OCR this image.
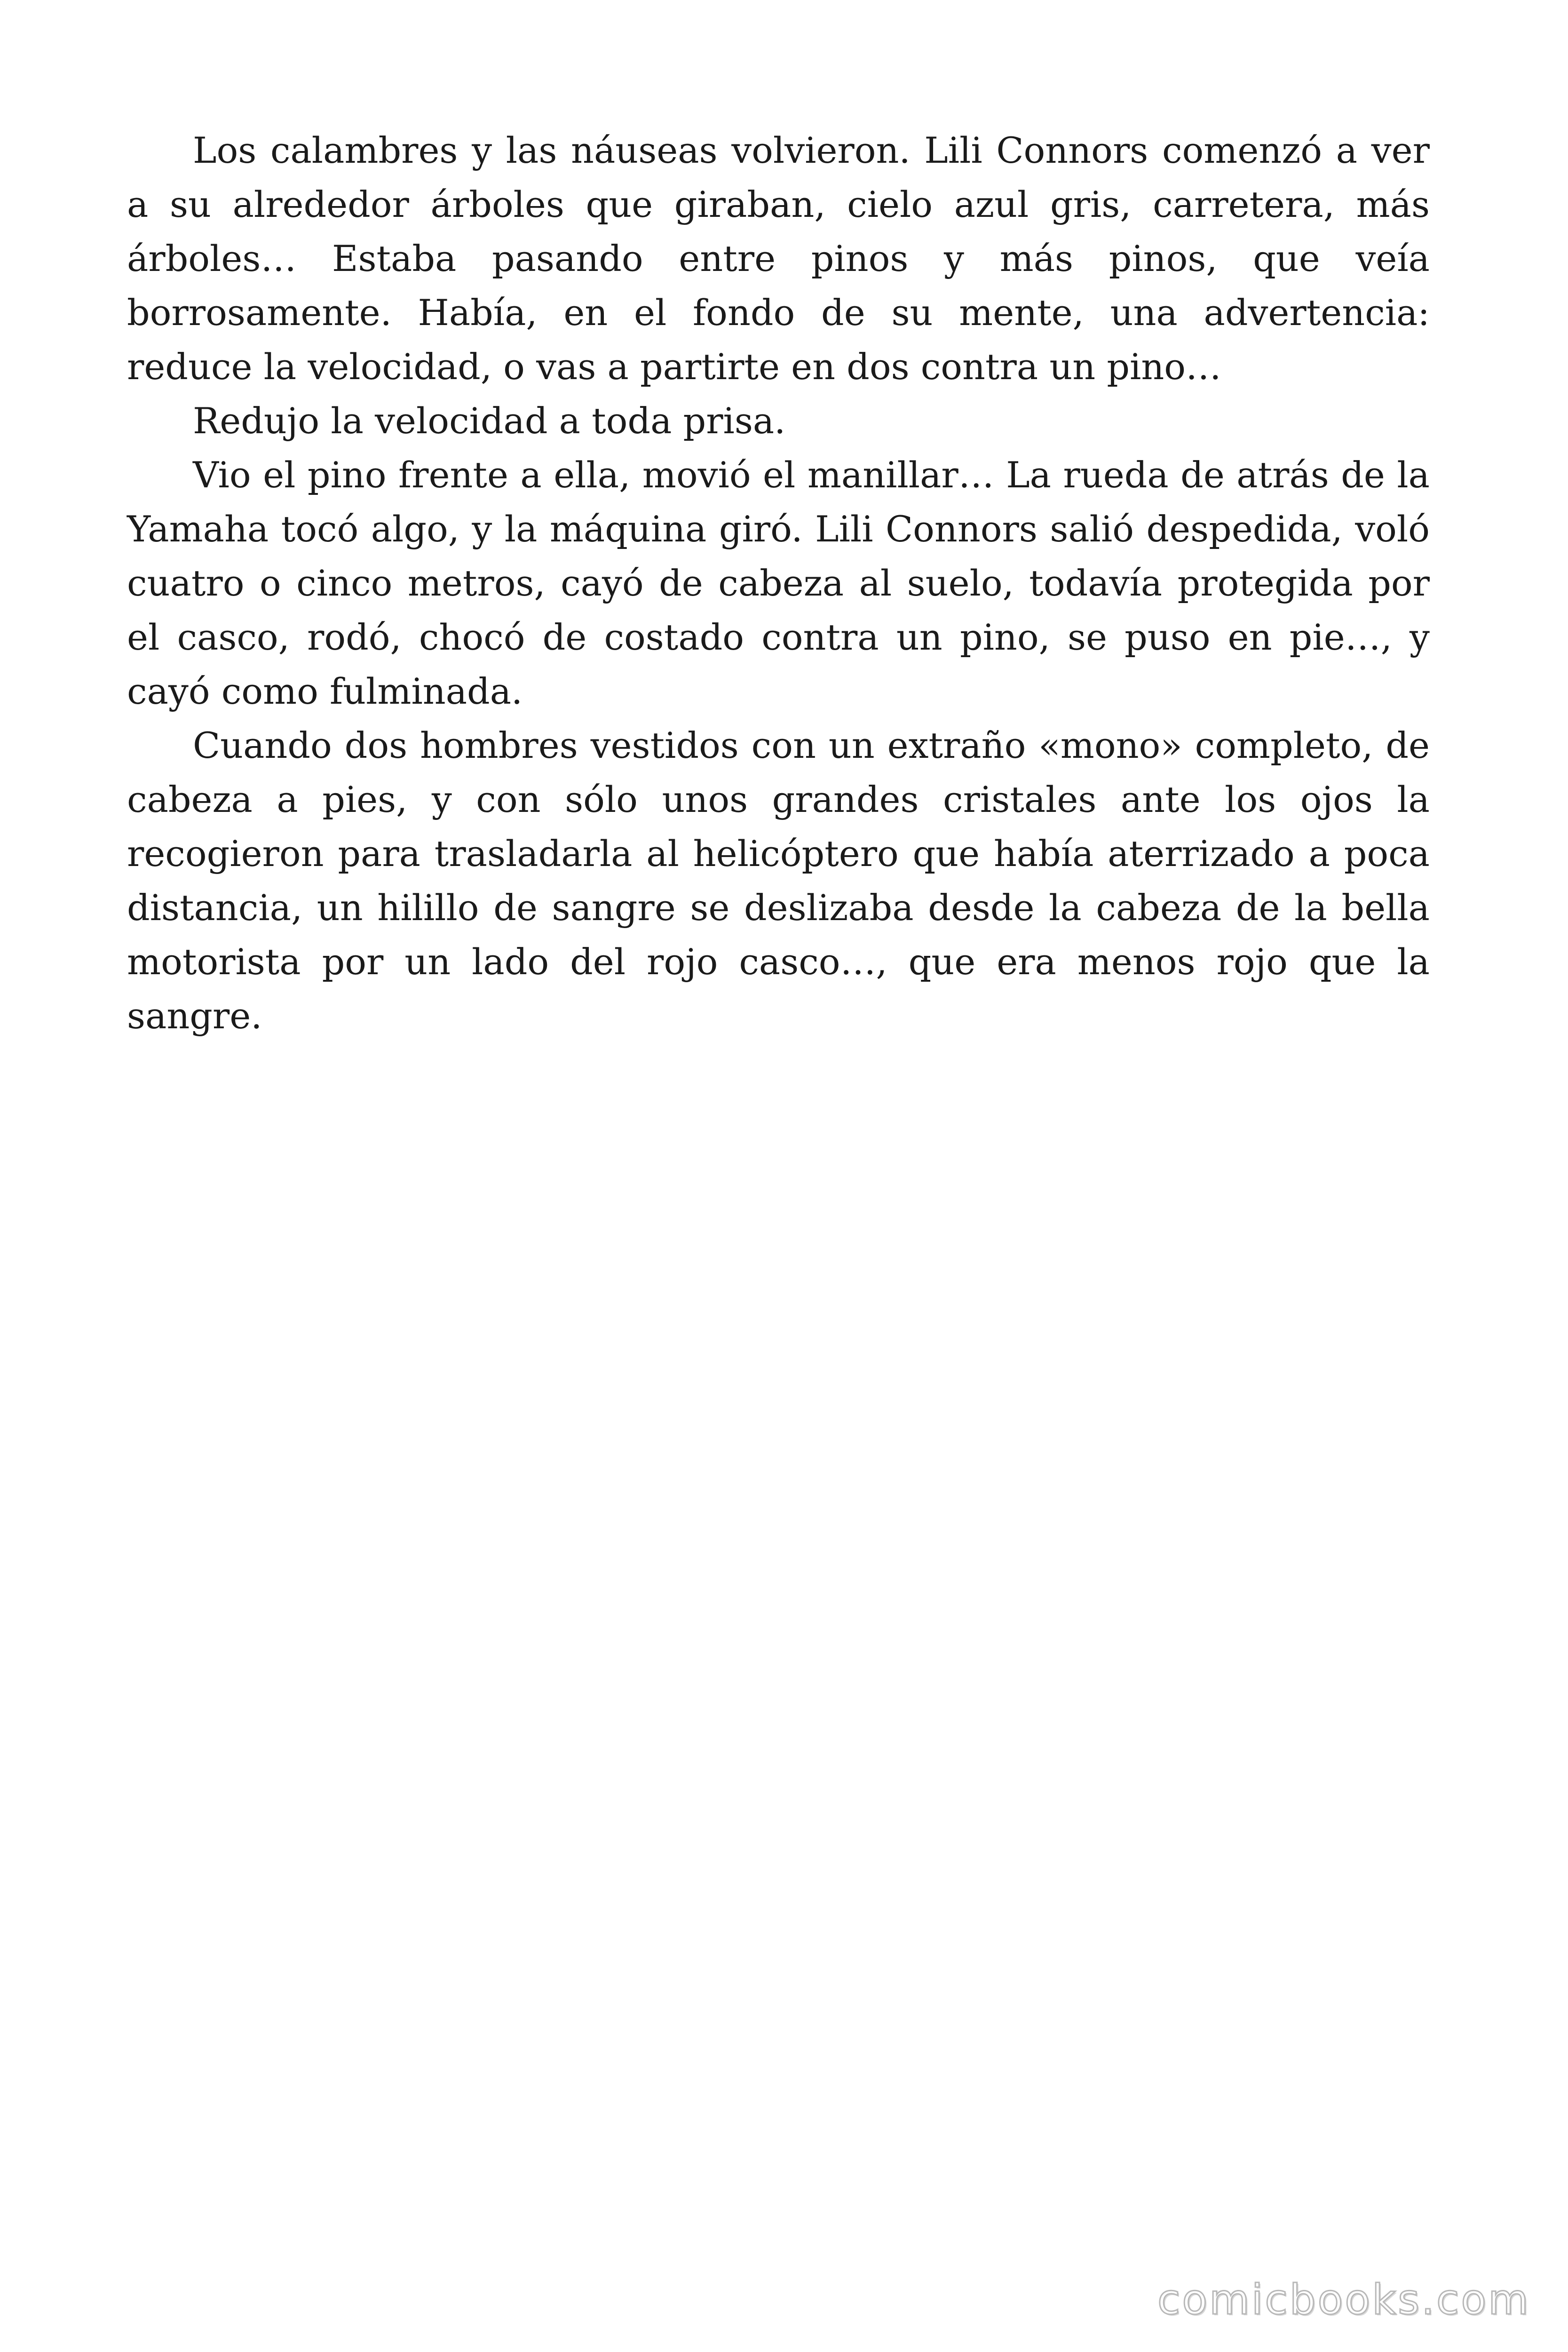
Los calambres y las náuseas volvieron. Lili Connors comenzó a ver a su alrededor árboles que giraban, cielo azul gris, carretera, más árboles… Estaba pasando entre pinos y más pinos, que veía borrosamente. Había, en el fondo de su mente, una advertencia: reduce la velocidad, o vas a partirte en dos contra un pino…

Redujo la velocidad a toda prisa.

Vio el pino frente a ella, movió el manillar… La rueda de atrás de la Yamaha tocó algo, y la máquina giró. Lili Connors salió despedida, voló cuatro o cinco metros, cayó de cabeza al suelo, todavía protegida por el casco, rodó, chocó de costado contra un pino, se puso en pie…, y cayó como fulminada.

Cuando dos hombres vestidos con un extraño «mono» completo, de cabeza a pies, y con sólo unos grandes cristales ante los ojos la recogieron para trasladarla al helicóptero que había aterrizado a poca distancia, un hilillo de sangre se deslizaba desde la cabeza de la bella motorista por un lado del rojo casco…, que era menos rojo que la sangre.

comicbooks.com
